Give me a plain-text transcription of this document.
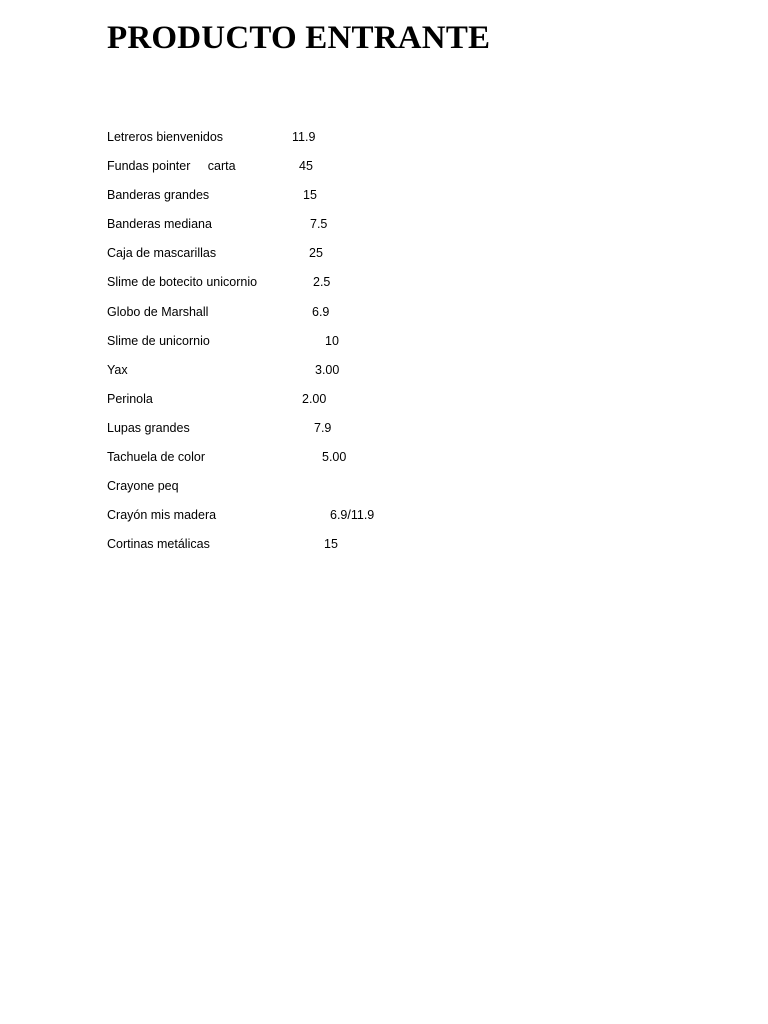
PRODUCTO ENTRANTE
Letreros bienvenidos	11.9
Fundas pointer     carta	45
Banderas grandes	15
Banderas mediana	7.5
Caja de mascarillas	25
Slime de botecito unicornio	2.5
Globo de Marshall	6.9
Slime de unicornio	10
Yax	3.00
Perinola	2.00
Lupas grandes	7.9
Tachuela de color	5.00
Crayone peq
Crayón mis madera	6.9/11.9
Cortinas metálicas	15
